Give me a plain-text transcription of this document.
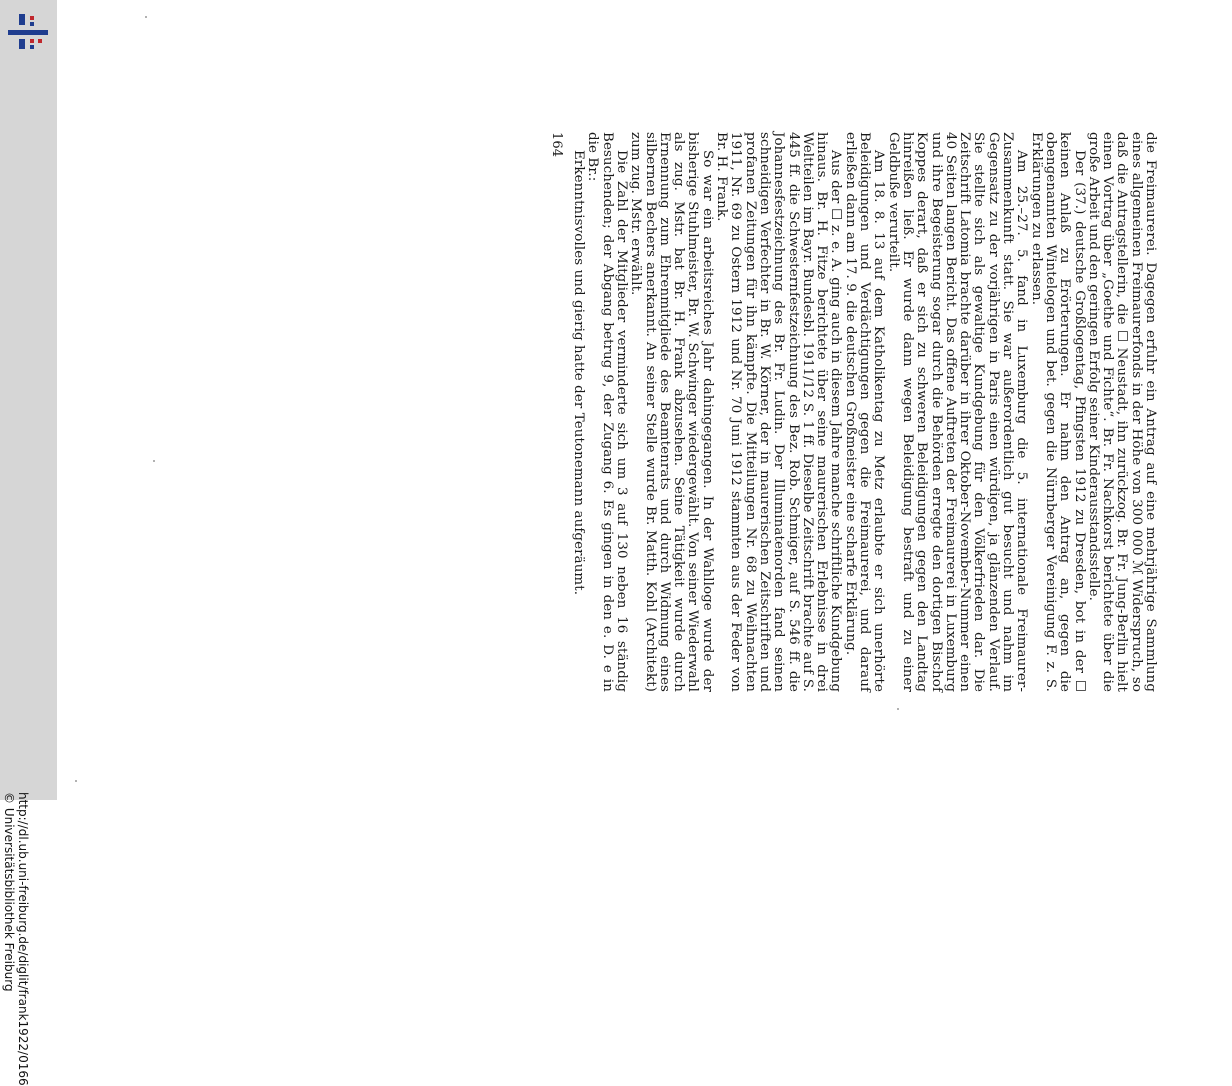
http://dl.ub.uni-freiburg.de/diglit/frank1922/0166
© Universitätsbibliothek Freiburg

die Freimaurerei. Dagegen erfuhr ein Antrag auf eine mehrjährige Sammlung eines allgemeinen Freimaurerfonds in der Höhe von 300 000 ℳ Widerspruch, so daß die Antragstellerin, die ☐ Neustadt, ihn zurückzog. Br. Fr. Jung-Berlin hielt einen Vortrag über „Goethe und Fichte“. Br. Fr. Nachkorst berichtete über die große Arbeit und den geringen Erfolg seiner Kinderausstandsstelle.

Der (37.) deutsche Großlogentag, Pfingsten 1912 zu Dresden, bot in der ☐ keinen Anlaß zu Erörterungen. Er nahm den Antrag an, gegen die obengenannten Wintelogen und bet. gegen die Nürnberger Vereinigung F. z. S. Erklärungen zu erlassen.

Am 25.–27. 5. fand in Luxemburg die 5. internationale Freimaurer-Zusammenkunft statt. Sie war außerordentlich gut besucht und nahm im Gegensatz zu der vorjährigen in Paris einen würdigen, ja glänzenden Verlauf. Sie stellte sich als gewaltige Kundgebung für den Völkerfrieden dar. Die Zeitschrift Latomia brachte darüber in ihrer Oktober-November-Nummer einen 40 Seiten langen Bericht. Das offene Auftreten der Freimaurerei in Luxemburg und ihre Begeisterung sogar durch die Behörden erregte den dortigen Bischof Koppes derart, daß er sich zu schweren Beleidigungen gegen den Landtag hinreißen ließ. Er wurde dann wegen Beleidigung bestraft und zu einer Geldbuße verurteilt.

Am 18. 8. 13 auf dem Katholikentag zu Metz erlaubte er sich unerhörte Beleidigungen und Verdächtigungen gegen die Freimaurerei, und darauf erließen dann am 17. 9. die deutschen Großmeister eine scharfe Erklärung.

Aus der ☐ z. e. A. ging auch in diesem Jahre manche schriftliche Kundgebung hinaus. Br. H. Fitze berichtete über seine maurerischen Erlebnisse in drei Weltteilen im Bayr. Bundesbl. 1911/12 S. 1 ff. Dieselbe Zeitschrift brachte auf S. 445 ff. die Schwesternfestzeichnung des Bez. Rob. Schmiger, auf S. 546 ff. die Johannesfestzeichnung des Br. Fr. Ludin. Der Illuminatenorden fand seinen schneidigen Verfechter in Br. W. Körner, der in maurerischen Zeitschriften und profanen Zeitungen für ihn kämpfte. Die Mitteilungen Nr. 68 zu Weihnachten 1911, Nr. 69 zu Ostern 1912 und Nr. 70 Juni 1912 stammten aus der Feder von Br. H. Frank.

So war ein arbeitsreiches Jahr dahingegangen. In der Wahlloge wurde der bisherige Stuhlmeister, Br. W. Schwinger wiedergewählt. Von seiner Wiederwahl als zug. Mstr. bat Br. H. Frank abzusehen. Seine Tätigkeit wurde durch Ernennung zum Ehrenmitgliede des Beamtenrats und durch Widmung eines silbernen Bechers anerkannt. An seiner Stelle wurde Br. Matth. Kohl (Architekt) zum zug. Mstr. erwählt.

Die Zahl der Mitglieder verminderte sich um 3 auf 130 neben 16 ständig Besuchenden; der Abgang betrug 9, der Zugang 6. Es gingen in den e. D. e in die Br.:

Erkenntnisvolles und gierig hatte der Teutonemann aufgeräumt.

164
